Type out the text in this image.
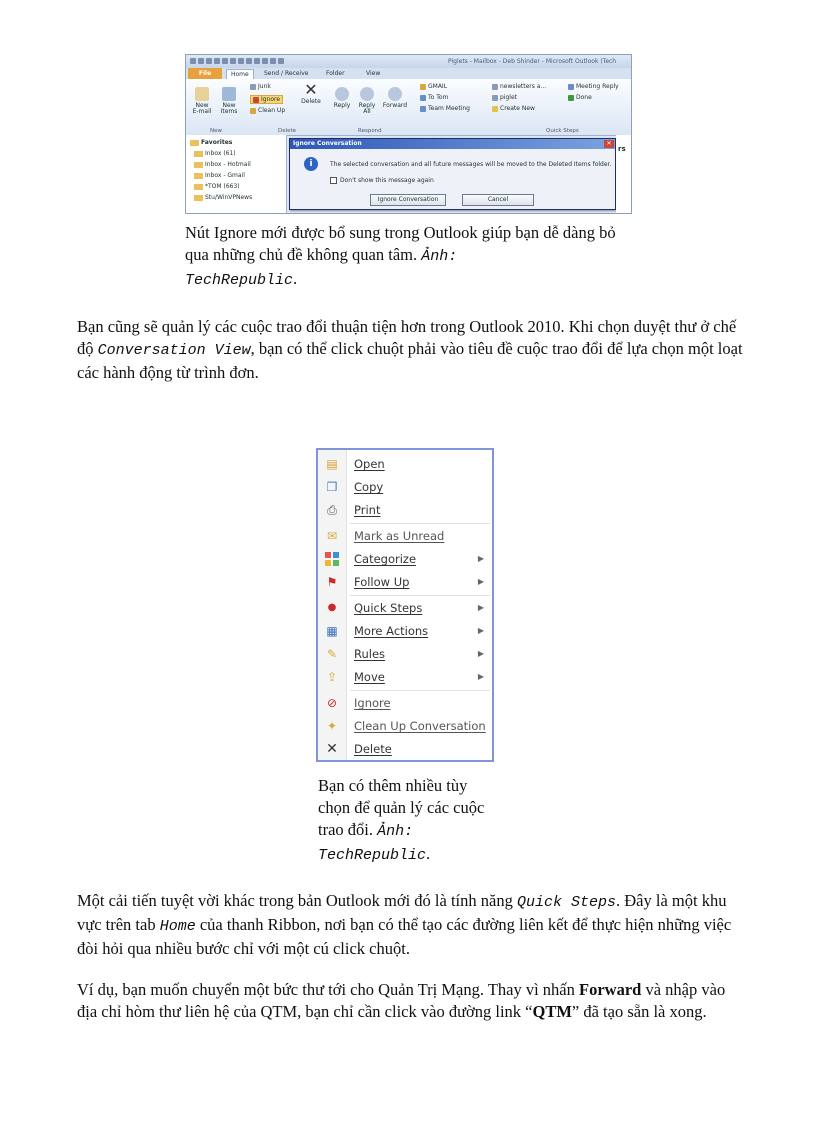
Piglets - Mailbox - Deb Shinder - Microsoft Outlook (Tech
File	Home	Send / Receive	Folder	View
New E-mail
New Items
New
Junk
Ignore
Clean Up
✕
Delete
Delete
Reply	Reply All
Forward
Respond
GMAIL
To Tom
Team Meeting
newsletters a...
piglet
Create New
Meeting Reply
Done
Quick Steps
Favorites
Inbox (61)
Inbox - Hotmail
Inbox - Gmail
*TOM (663)
Stu/WinVPNews
Ignore Conversation	✕
i	The selected conversation and all future messages will be moved to the Deleted Items folder.
Don't show this message again
Ignore Conversation	Cancel
rs
Nút Ignore mới được bổ sung trong Outlook giúp bạn dễ dàng bỏ qua những chủ đề không quan tâm. Ảnh:
TechRepublic.
Bạn cũng sẽ quản lý các cuộc trao đổi thuận tiện hơn trong Outlook 2010. Khi chọn duyệt thư ở chế độ Conversation View, bạn có thể click chuột phải vào tiêu đề cuộc trao đổi để lựa chọn một loạt các hành động từ trình đơn.
▤ Open
❐ Copy
⎙ Print
✉ Mark as Unread
Categorize	▶
⚑ Follow Up	▶
● Quick Steps	▶
▦ More Actions	▶
✎ Rules	▶
⇪ Move	▶
⊘ Ignore
✦ Clean Up Conversation
✕ Delete
Bạn có thêm nhiều tùy chọn để quản lý các cuộc trao đổi. Ảnh:
TechRepublic.
Một cải tiến tuyệt vời khác trong bản Outlook mới đó là tính năng Quick Steps. Đây là một khu vực trên tab Home của thanh Ribbon, nơi bạn có thể tạo các đường liên kết để thực hiện những việc đòi hỏi qua nhiều bước chỉ với một cú click chuột.
Ví dụ, bạn muốn chuyển một bức thư tới cho Quản Trị Mạng. Thay vì nhấn Forward và nhập vào địa chỉ hòm thư liên hệ của QTM, bạn chỉ cần click vào đường link “QTM” đã tạo sẵn là xong.
